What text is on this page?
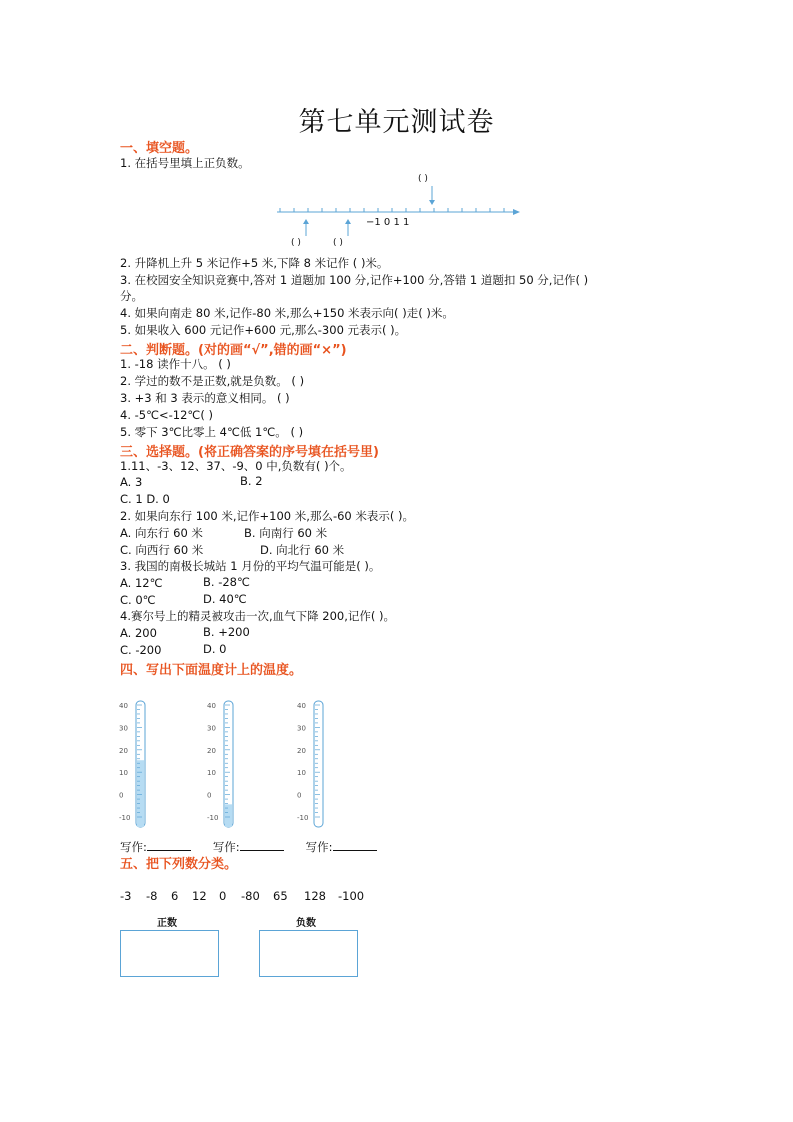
第七单元测试卷
一、填空题。
1. 在括号里填上正负数。
( )
−1 0 1 1
( )	( )
2. 升降机上升 5 米记作+5 米,下降 8 米记作 ( )米。
3. 在校园安全知识竞赛中,答对 1 道题加 100 分,记作+100 分,答错 1 道题扣 50 分,记作( )
分。
4. 如果向南走 80 米,记作-80 米,那么+150 米表示向( )走( )米。
5. 如果收入 600 元记作+600 元,那么-300 元表示( )。
二、判断题。(对的画“√”,错的画“×”)
1. -18 读作十八。 ( )
2. 学过的数不是正数,就是负数。 ( )
3. +3 和 3 表示的意义相同。 ( )
4. -5℃<-12℃( )
5. 零下 3℃比零上 4℃低 1℃。 ( )
三、选择题。(将正确答案的序号填在括号里)
1.11、-3、12、37、-9、0 中,负数有( )个。
A. 3	B. 2
C. 1 D. 0
2. 如果向东行 100 米,记作+100 米,那么-60 米表示( )。
A. 向东行 60 米	B. 向南行 60 米
C. 向西行 60 米	D. 向北行 60 米
3. 我国的南极长城站 1 月份的平均气温可能是( )。
A. 12℃	B. -28℃
C. 0℃	D. 40℃
4.赛尔号上的精灵被攻击一次,血气下降 200,记作( )。
A. 200	B. +200
C. -200	D. 0
四、写出下面温度计上的温度。
40
30
20
10
0
-10
40
30
20
10
0
-10
40
30
20
10
0
-10
写作:	写作:	写作:
五、把下列数分类。
-3 -8 6 12 0 -80 65 128 -100
正数	负数
